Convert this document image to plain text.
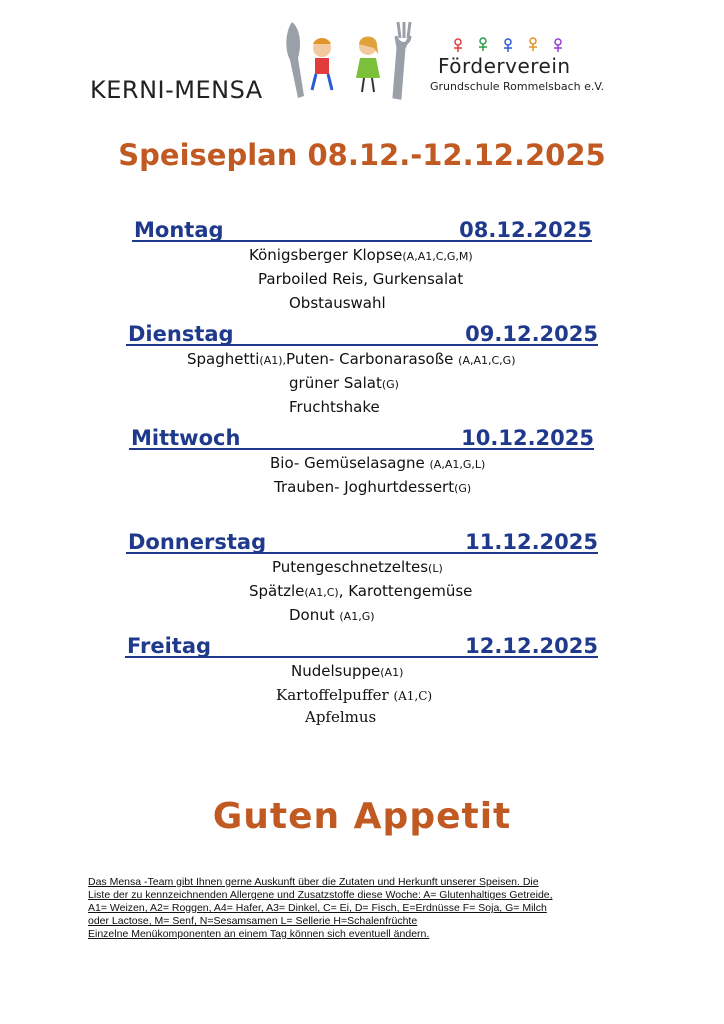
KERNI-MENSA
Förderverein
Grundschule Rommelsbach e.V.
Speiseplan 08.12.-12.12.2025
Montag	08.12.2025
Königsberger Klopse(A,A1,C,G,M)
Parboiled Reis, Gurkensalat
Obstauswahl
Dienstag	09.12.2025
Spaghetti(A1),Puten- Carbonarasoße (A,A1,C,G)
grüner Salat(G)
Fruchtshake
Mittwoch	10.12.2025
Bio- Gemüselasagne (A,A1,G,L)
Trauben- Joghurtdessert(G)
Donnerstag	11.12.2025
Putengeschnetzeltes(L)
Spätzle(A1,C), Karottengemüse
Donut (A1,G)
Freitag	12.12.2025
Nudelsuppe(A1)
Kartoffelpuffer (A1,C)
Apfelmus
Guten Appetit
Das Mensa -Team gibt Ihnen gerne Auskunft über die Zutaten und Herkunft unserer Speisen. Die
Liste der zu kennzeichnenden Allergene und Zusatzstoffe diese Woche: A= Glutenhaltiges Getreide,
A1= Weizen, A2= Roggen, A4= Hafer, A3= Dinkel, C= Ei, D= Fisch, E=Erdnüsse F= Soja, G= Milch
oder Lactose, M= Senf, N=Sesamsamen L= Sellerie H=Schalenfrüchte
Einzelne Menükomponenten an einem Tag können sich eventuell ändern.
